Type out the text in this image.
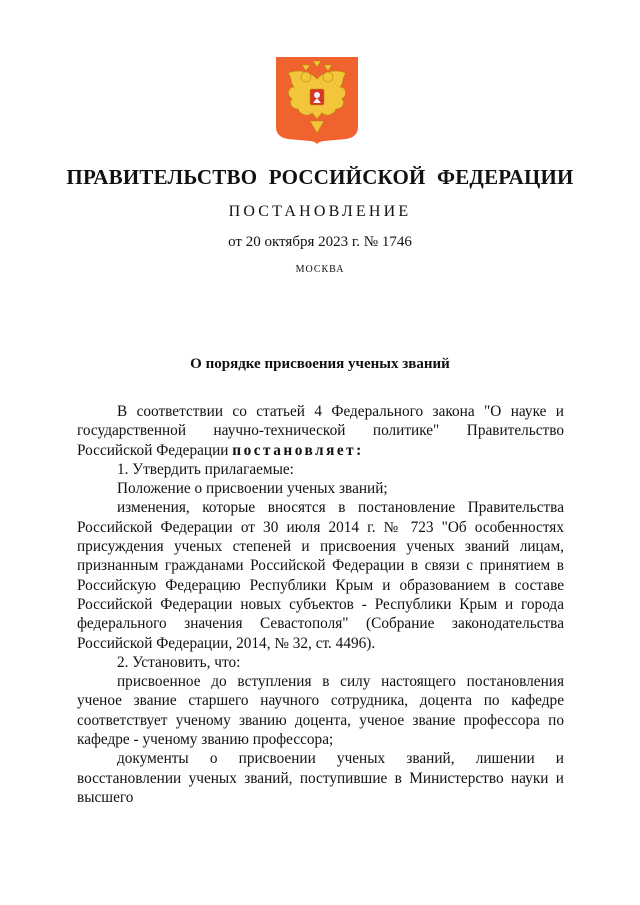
ПРАВИТЕЛЬСТВО РОССИЙСКОЙ ФЕДЕРАЦИИ
ПОСТАНОВЛЕНИЕ
от 20 октября 2023 г. № 1746
МОСКВА
О порядке присвоения ученых званий

В соответствии со статьей 4 Федерального закона "О науке и государственной научно-технической политике" Правительство Российской Федерации постановляет:

1. Утвердить прилагаемые:

Положение о присвоении ученых званий;

изменения, которые вносятся в постановление Правительства Российской Федерации от 30 июля 2014 г. № 723 "Об особенностях присуждения ученых степеней и присвоения ученых званий лицам, признанным гражданами Российской Федерации в связи с принятием в Российскую Федерацию Республики Крым и образованием в составе Российской Федерации новых субъектов - Республики Крым и города федерального значения Севастополя" (Собрание законодательства Российской Федерации, 2014, № 32, ст. 4496).

2. Установить, что:

присвоенное до вступления в силу настоящего постановления ученое звание старшего научного сотрудника, доцента по кафедре соответствует ученому званию доцента, ученое звание профессора по кафедре - ученому званию профессора;

документы о присвоении ученых званий, лишении и восстановлении ученых званий, поступившие в Министерство науки и высшего
